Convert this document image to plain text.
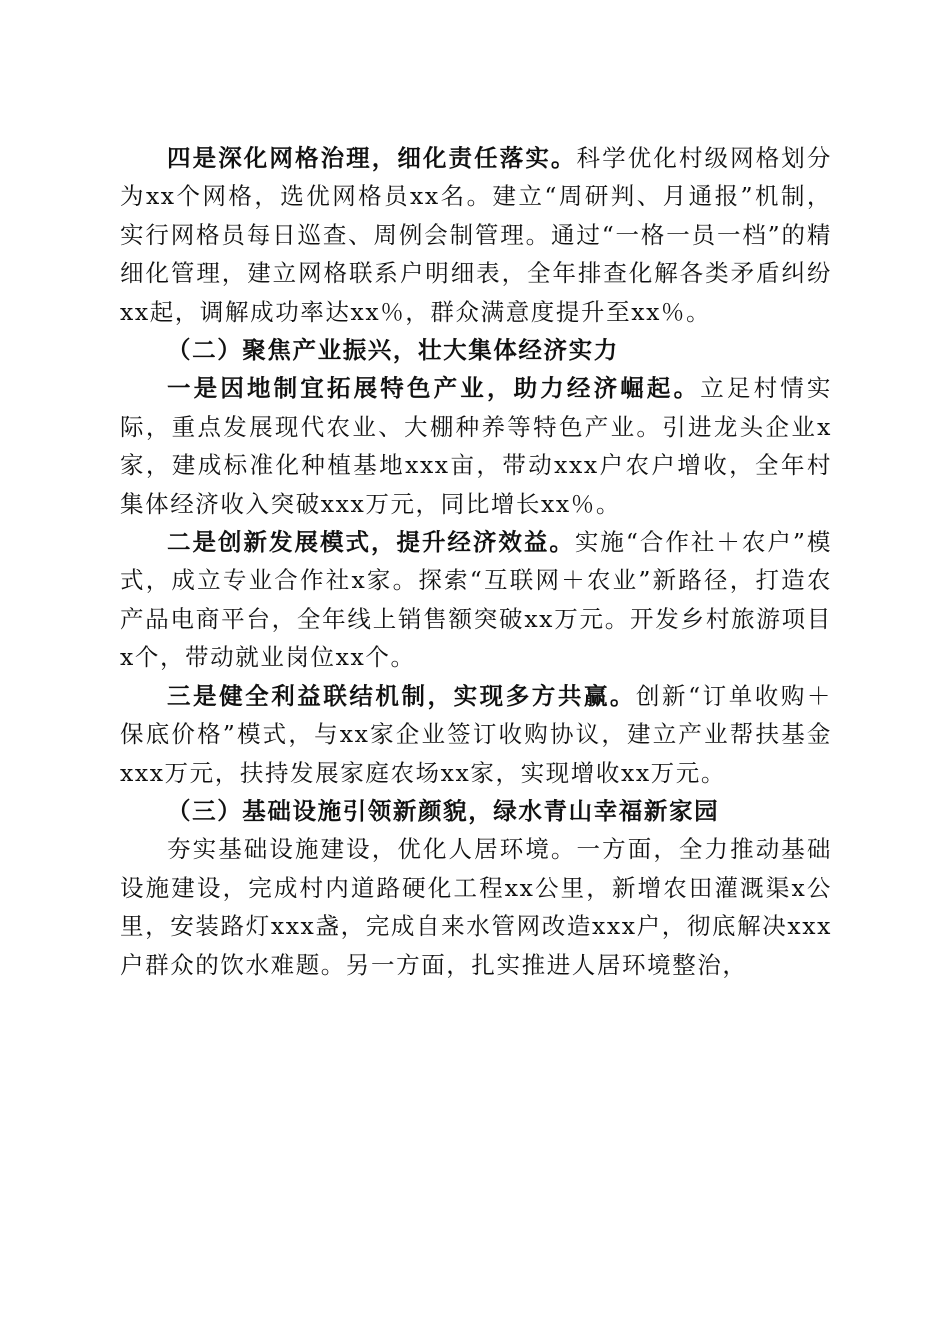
四是深化网格治理，细化责任落实。科学优化村级网格划分为xx个网格，选优网格员xx名。建立“周研判、月通报”机制，实行网格员每日巡查、周例会制管理。通过“一格一员一档”的精细化管理，建立网格联系户明细表，全年排查化解各类矛盾纠纷xx起，调解成功率达xx％，群众满意度提升至xx％。

（二）聚焦产业振兴，壮大集体经济实力

一是因地制宜拓展特色产业，助力经济崛起。立足村情实际，重点发展现代农业、大棚种养等特色产业。引进龙头企业x家，建成标准化种植基地xxx亩，带动xxx户农户增收，全年村集体经济收入突破xxx万元，同比增长xx％。

二是创新发展模式，提升经济效益。实施“合作社＋农户”模式，成立专业合作社x家。探索“互联网＋农业”新路径，打造农产品电商平台，全年线上销售额突破xx万元。开发乡村旅游项目x个，带动就业岗位xx个。

三是健全利益联结机制，实现多方共赢。创新“订单收购＋保底价格”模式，与xx家企业签订收购协议，建立产业帮扶基金xxx万元，扶持发展家庭农场xx家，实现增收xx万元。

（三）基础设施引领新颜貌，绿水青山幸福新家园

夯实基础设施建设，优化人居环境。一方面，全力推动基础设施建设，完成村内道路硬化工程xx公里，新增农田灌溉渠x公里，安装路灯xxx盏，完成自来水管网改造xxx户，彻底解决xxx户群众的饮水难题。另一方面，扎实推进人居环境整治，
